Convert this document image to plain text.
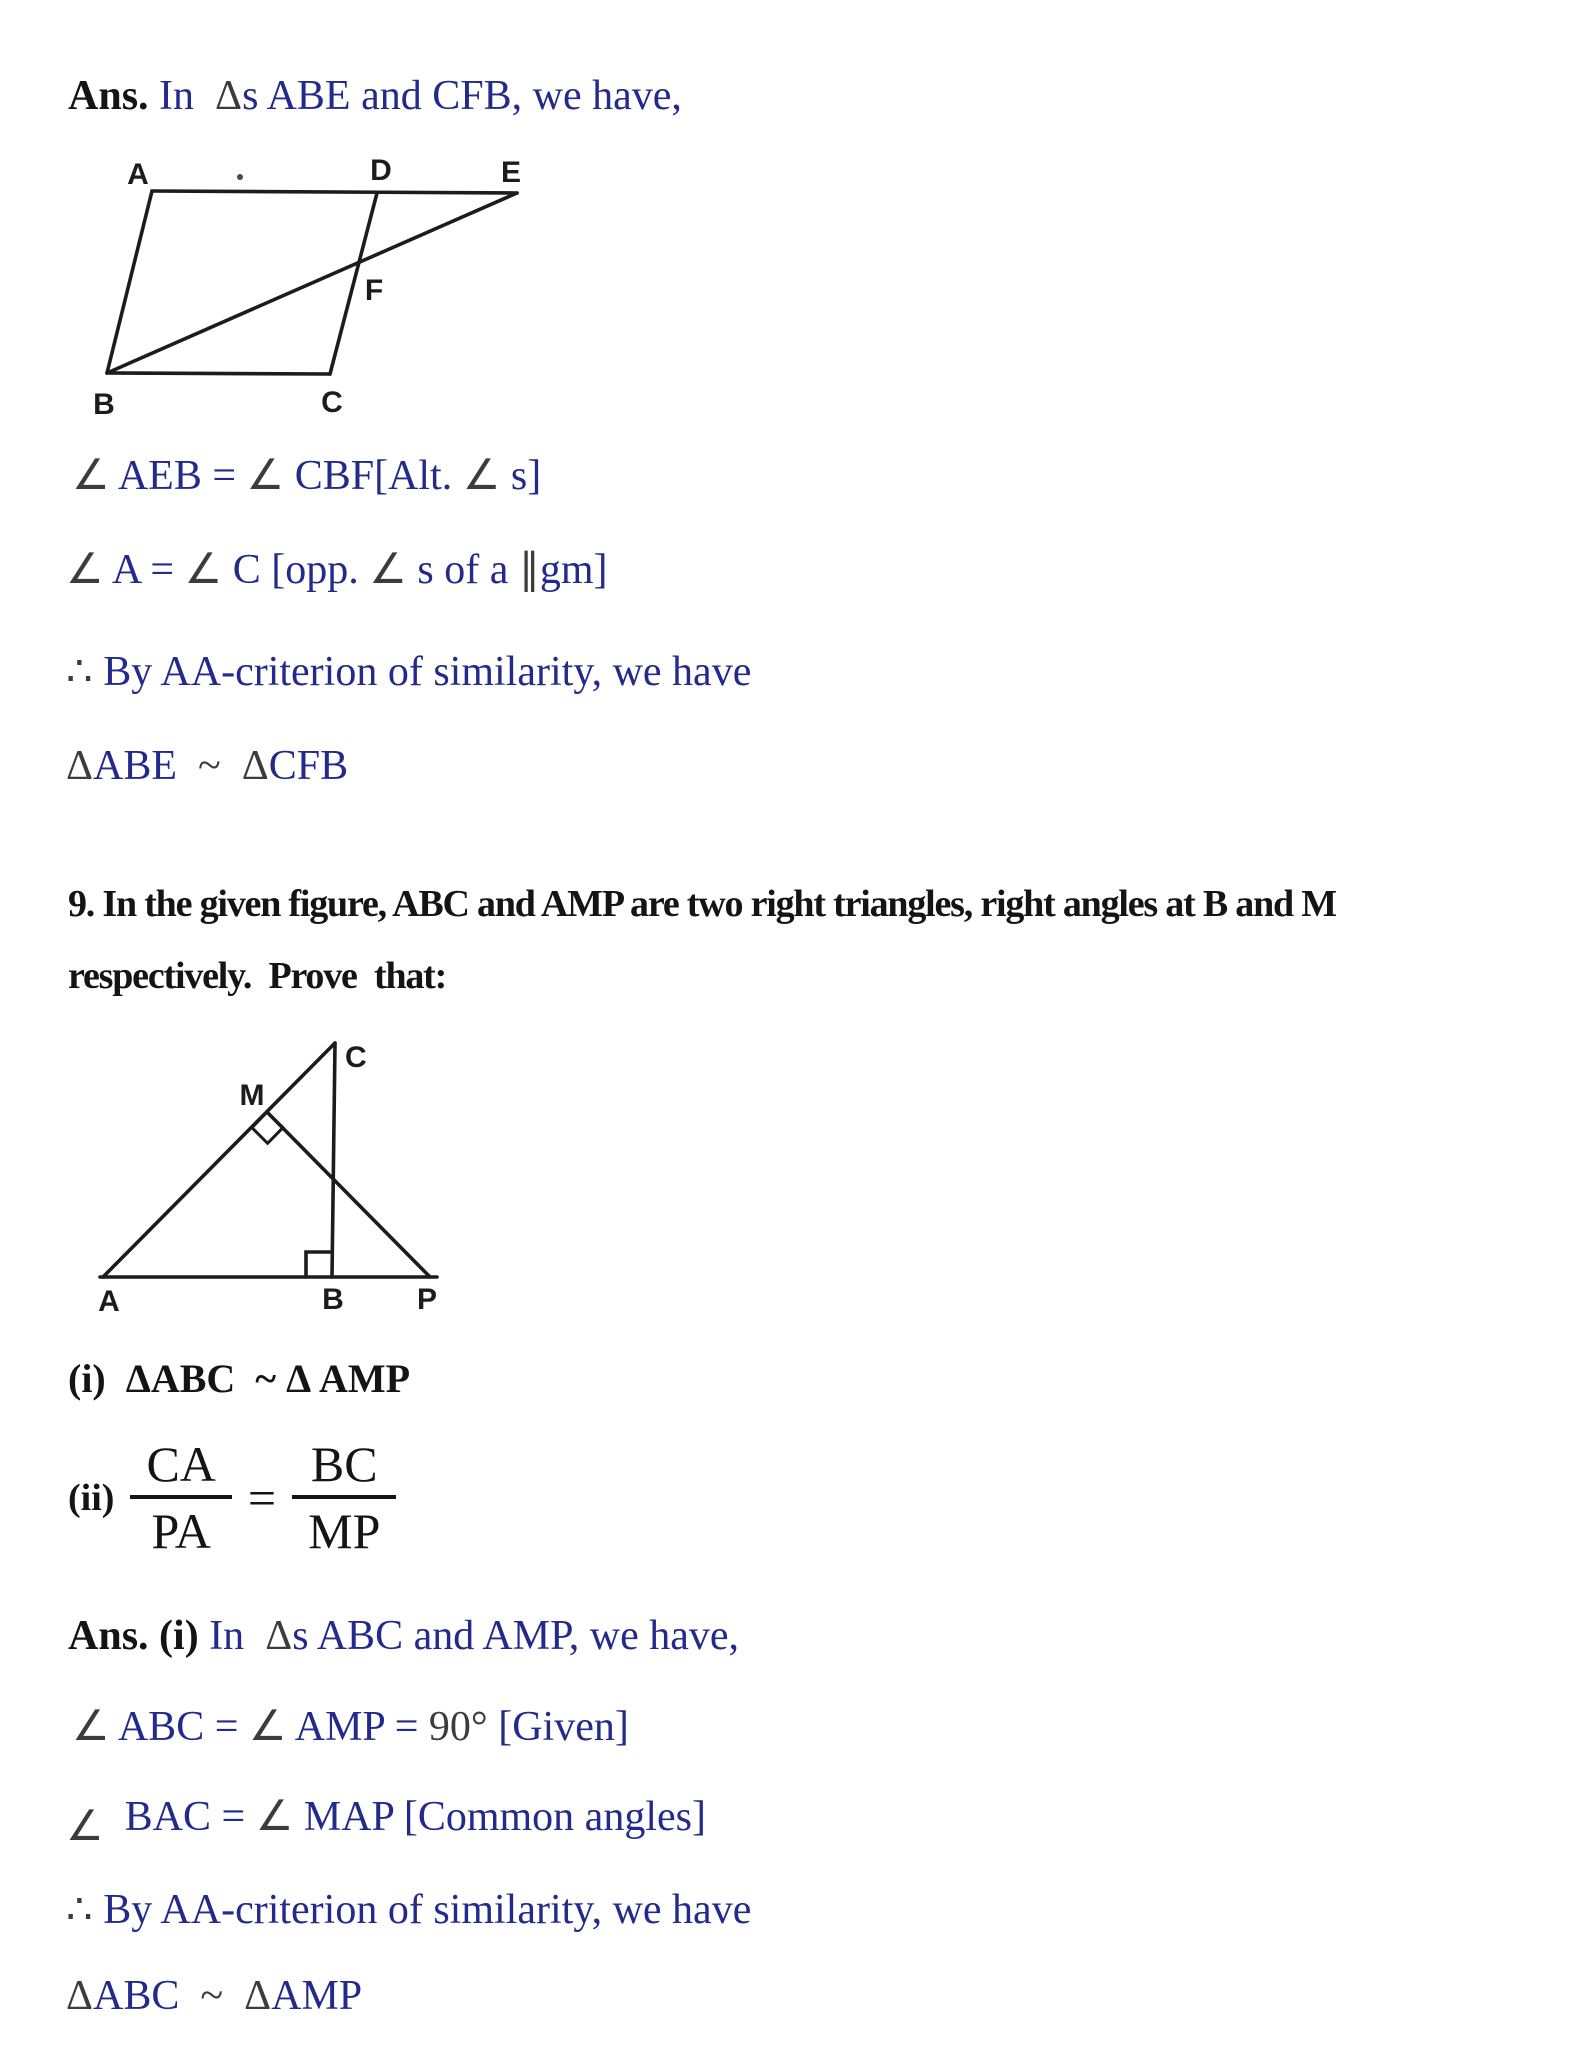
Ans. In  Δs ABE and CFB, we have,
A	D	E
B	C
F
∠ AEB = ∠ CBF[Alt. ∠ s]
∠ A = ∠ C [opp. ∠ s of a ∥gm]
∴ By AA-criterion of similarity, we have
ΔABE  ~  ΔCFB
9. In the given figure, ABC and AMP are two right triangles, right angles at B and M
respectively. Prove that:
C
M
A	B P
(i)  ΔABC  ~ Δ AMP
$(ii) \frac{CA}{PA} = \frac{BC}{MP}$
Ans. (i) In  Δs ABC and AMP, we have,
∠ ABC = ∠ AMP = 90° [Given]
∠  BAC = ∠ MAP [Common angles]
∴ By AA-criterion of similarity, we have
ΔABC  ~  ΔAMP
